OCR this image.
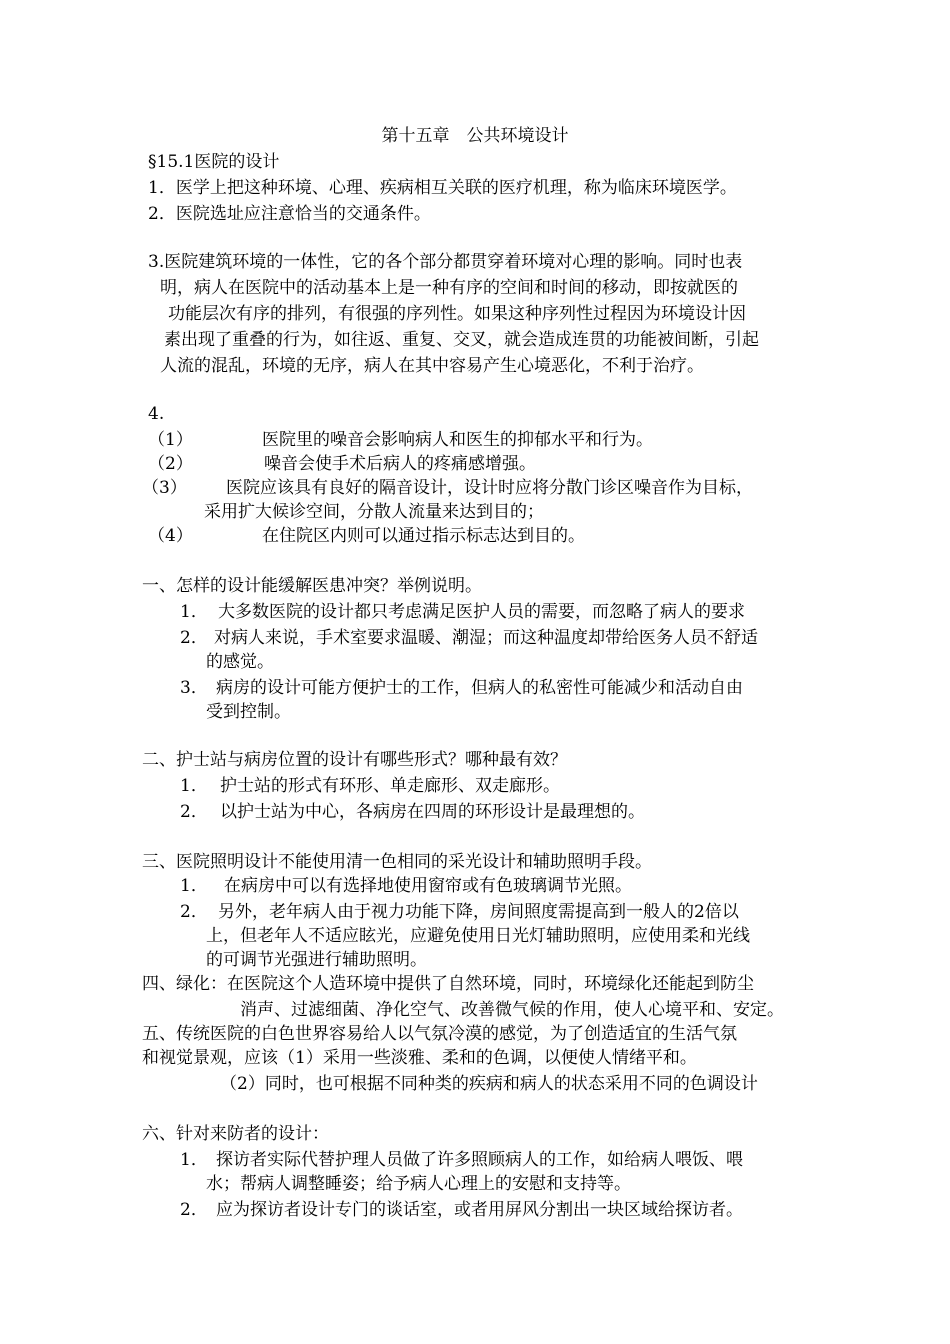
第十五章　公共环境设计
§15.1医院的设计
1．医学上把这种环境、心理、疾病相互关联的医疗机理，称为临床环境医学。
2．医院选址应注意恰当的交通条件。
3.医院建筑环境的一体性，它的各个部分都贯穿着环境对心理的影响。同时也表
明，病人在医院中的活动基本上是一种有序的空间和时间的移动，即按就医的
功能层次有序的排列，有很强的序列性。如果这种序列性过程因为环境设计因
素出现了重叠的行为，如往返、重复、交叉，就会造成连贯的功能被间断，引起
人流的混乱，环境的无序，病人在其中容易产生心境恶化，不利于治疗。
4.
（1）	医院里的噪音会影响病人和医生的抑郁水平和行为。
（2）	噪音会使手术后病人的疼痛感增强。
（3） 医院应该具有良好的隔音设计，设计时应将分散门诊区噪音作为目标，
采用扩大候诊空间，分散人流量来达到目的；
（4）	在住院区内则可以通过指示标志达到目的。
一、怎样的设计能缓解医患冲突？举例说明。
1． 大多数医院的设计都只考虑满足医护人员的需要，而忽略了病人的要求
2． 对病人来说，手术室要求温暖、潮湿；而这种温度却带给医务人员不舒适
的感觉。
3． 病房的设计可能方便护士的工作，但病人的私密性可能减少和活动自由
受到控制。
二、护士站与病房位置的设计有哪些形式？哪种最有效？
1． 护士站的形式有环形、单走廊形、双走廊形。
2． 以护士站为中心，各病房在四周的环形设计是最理想的。
三、医院照明设计不能使用清一色相同的采光设计和辅助照明手段。
1． 在病房中可以有选择地使用窗帘或有色玻璃调节光照。
2． 另外，老年病人由于视力功能下降，房间照度需提高到一般人的2倍以
上，但老年人不适应眩光，应避免使用日光灯辅助照明，应使用柔和光线
的可调节光强进行辅助照明。
四、绿化：在医院这个人造环境中提供了自然环境，同时，环境绿化还能起到防尘
消声、过滤细菌、净化空气、改善微气候的作用，使人心境平和、安定。
五、传统医院的白色世界容易给人以气氛冷漠的感觉，为了创造适宜的生活气氛
和视觉景观，应该（1）采用一些淡雅、柔和的色调，以便使人情绪平和。
（2）同时，也可根据不同种类的疾病和病人的状态采用不同的色调设计
六、针对来防者的设计：
1． 探访者实际代替护理人员做了许多照顾病人的工作，如给病人喂饭、喂
水；帮病人调整睡姿；给予病人心理上的安慰和支持等。
2． 应为探访者设计专门的谈话室，或者用屏风分割出一块区域给探访者。
